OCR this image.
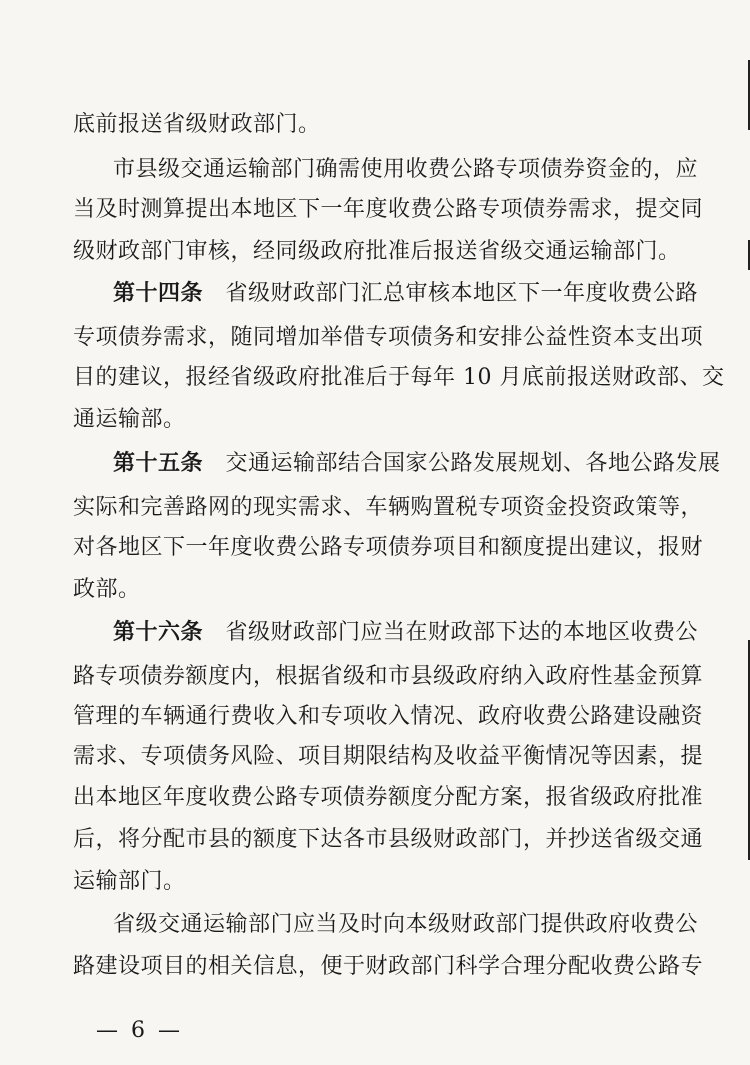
底前报送省级财政部门。
市县级交通运输部门确需使用收费公路专项债券资金的，应
当及时测算提出本地区下一年度收费公路专项债券需求，提交同
级财政部门审核，经同级政府批准后报送省级交通运输部门。
第十四条　 省级财政部门汇总审核本地区下一年度收费公路
专项债券需求，随同增加举借专项债务和安排公益性资本支出项
目的建议，报经省级政府批准后于每年 10 月底前报送财政部、交
通运输部。
第十五条　 交通运输部结合国家公路发展规划、各地公路发展
实际和完善路网的现实需求、车辆购置税专项资金投资政策等，
对各地区下一年度收费公路专项债券项目和额度提出建议，报财
政部。
第十六条　 省级财政部门应当在财政部下达的本地区收费公
路专项债券额度内，根据省级和市县级政府纳入政府性基金预算
管理的车辆通行费收入和专项收入情况、政府收费公路建设融资
需求、专项债务风险、项目期限结构及收益平衡情况等因素，提
出本地区年度收费公路专项债券额度分配方案，报省级政府批准
后，将分配市县的额度下达各市县级财政部门，并抄送省级交通
运输部门。
省级交通运输部门应当及时向本级财政部门提供政府收费公
路建设项目的相关信息，便于财政部门科学合理分配收费公路专
— 6 —
